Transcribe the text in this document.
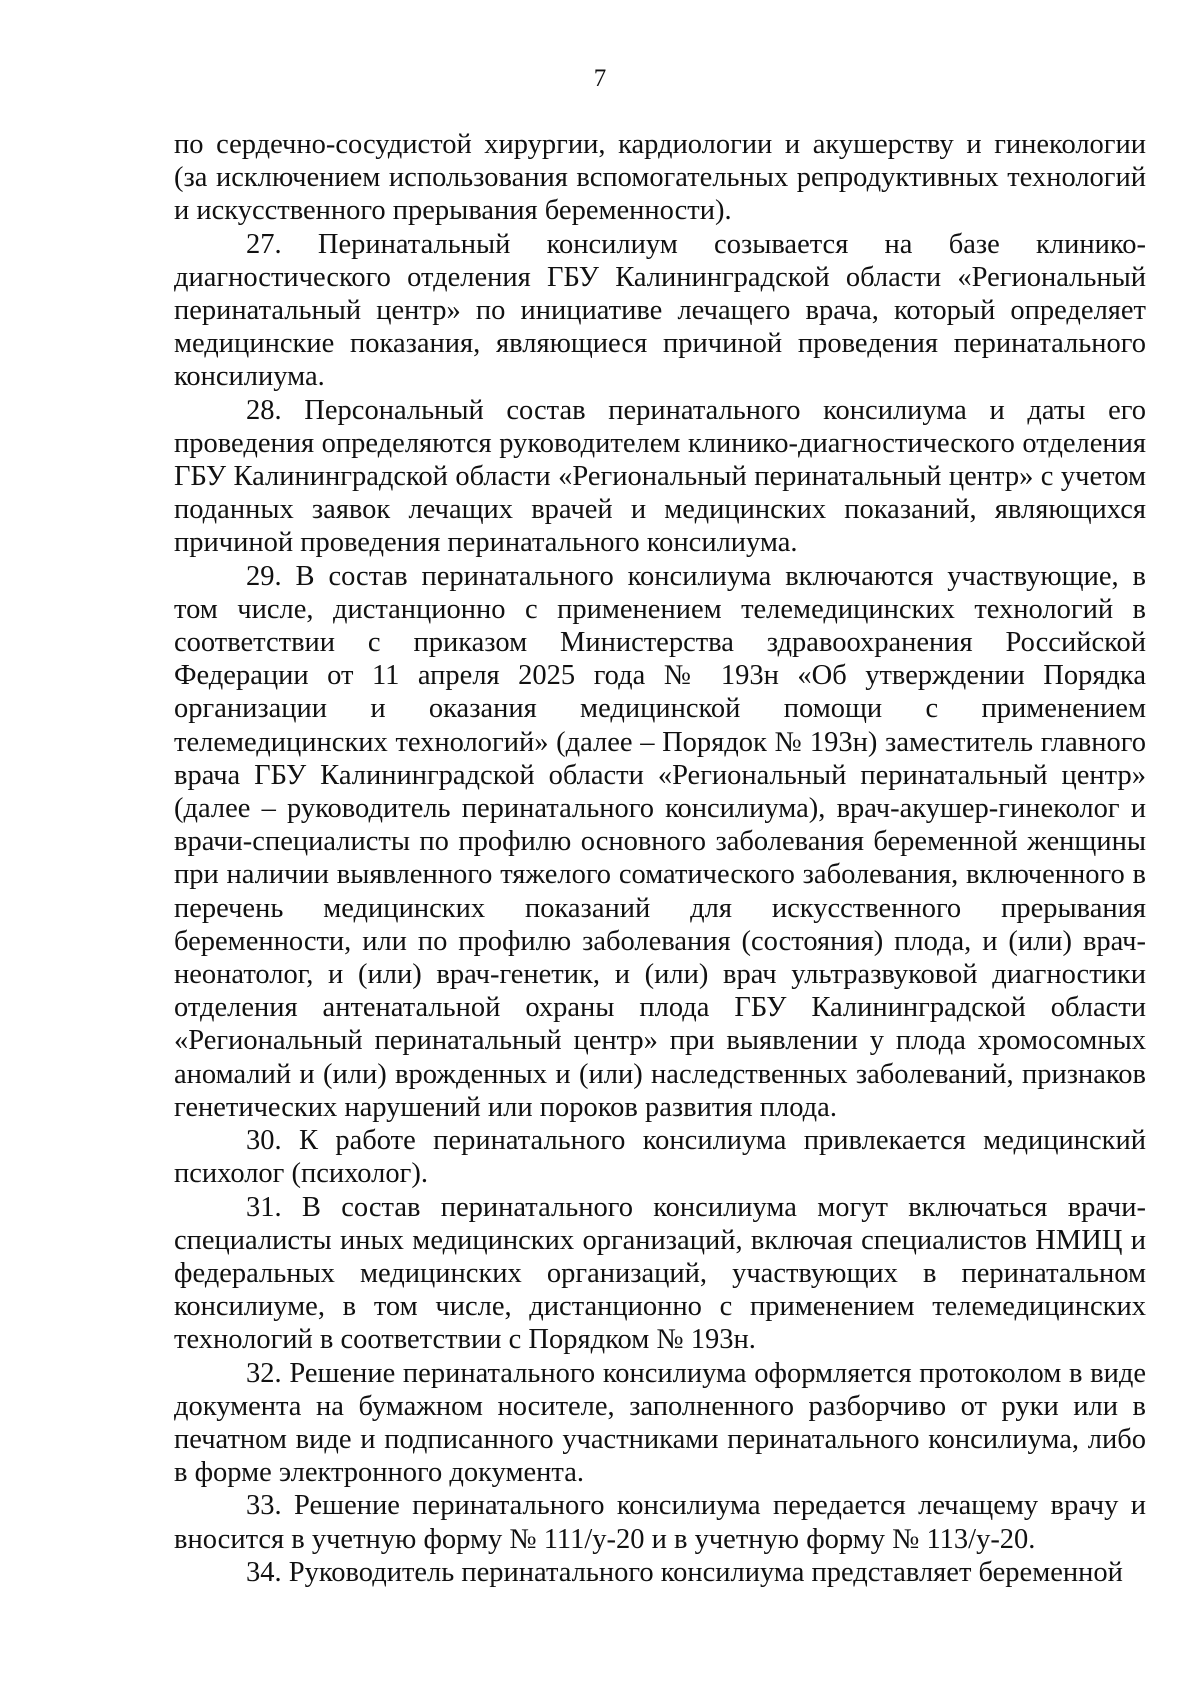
7

по сердечно-сосудистой хирургии, кардиологии и акушерству и гинекологии (за исключением использования вспомогательных репродуктивных технологий и искусственного прерывания беременности).

27. Перинатальный консилиум созывается на базе клинико-диагностического отделения ГБУ Калининградской области «Региональный перинатальный центр» по инициативе лечащего врача, который определяет медицинские показания, являющиеся причиной проведения перинатального консилиума.

28. Персональный состав перинатального консилиума и даты его проведения определяются руководителем клинико-диагностического отделения ГБУ Калининградской области «Региональный перинатальный центр» с учетом поданных заявок лечащих врачей и медицинских показаний, являющихся причиной проведения перинатального консилиума.

29. В состав перинатального консилиума включаются участвующие, в том числе, дистанционно с применением телемедицинских технологий в соответствии с приказом Министерства здравоохранения Российской Федерации от 11 апреля 2025 года № 193н «Об утверждении Порядка организации и оказания медицинской помощи с применением телемедицинских технологий» (далее – Порядок № 193н) заместитель главного врача ГБУ Калининградской области «Региональный перинатальный центр» (далее – руководитель перинатального консилиума), врач-акушер-гинеколог и врачи-специалисты по профилю основного заболевания беременной женщины при наличии выявленного тяжелого соматического заболевания, включенного в перечень медицинских показаний для искусственного прерывания беременности, или по профилю заболевания (состояния) плода, и (или) врач-неонатолог, и (или) врач-генетик, и (или) врач ультразвуковой диагностики отделения антенатальной охраны плода ГБУ Калининградской области «Региональный перинатальный центр» при выявлении у плода хромосомных аномалий и (или) врожденных и (или) наследственных заболеваний, признаков генетических нарушений или пороков развития плода.

30. К работе перинатального консилиума привлекается медицинский психолог (психолог).

31. В состав перинатального консилиума могут включаться врачи-специалисты иных медицинских организаций, включая специалистов НМИЦ и федеральных медицинских организаций, участвующих в перинатальном консилиуме, в том числе, дистанционно с применением телемедицинских технологий в соответствии с Порядком № 193н.

32. Решение перинатального консилиума оформляется протоколом в виде документа на бумажном носителе, заполненного разборчиво от руки или в печатном виде и подписанного участниками перинатального консилиума, либо в форме электронного документа.

33. Решение перинатального консилиума передается лечащему врачу и вносится в учетную форму № 111/у-20 и в учетную форму № 113/у-20.

34. Руководитель перинатального консилиума представляет беременной
